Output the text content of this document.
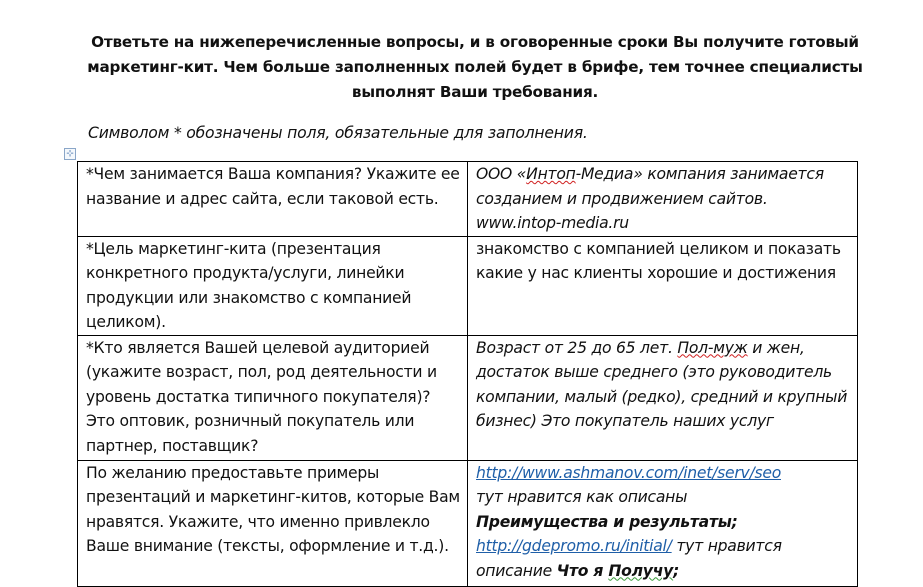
Ответьте на нижеперечисленные вопросы, и в оговоренные сроки Вы получите готовый
маркетинг-кит. Чем больше заполненных полей будет в брифе, тем точнее специалисты
выполнят Ваши требования.
Символом * обозначены поля, обязательные для заполнения.
⊹
*Чем занимается Ваша компания? Укажите ее название и адрес сайта, если таковой есть.	ООО «Интоп-Медиа» компания занимается созданием и продвижением сайтов. www.intop-media.ru
*Цель маркетинг-кита (презентация конкретного продукта/услуги, линейки продукции или знакомство с компанией целиком).	знакомство с компанией целиком и показать какие у нас клиенты хорошие и достижения
*Кто является Вашей целевой аудиторией (укажите возраст, пол, род деятельности и уровень достатка типичного покупателя)? Это оптовик, розничный покупатель или партнер, поставщик?	Возраст от 25 до 65 лет. Пол-муж и жен, достаток выше среднего (это руководитель компании, малый (редко), средний и крупный бизнес) Это покупатель наших услуг
По желанию предоставьте примеры презентаций и маркетинг-китов, которые Вам нравятся. Укажите, что именно привлекло Ваше внимание (тексты, оформление и т.д.).	http://www.ashmanov.com/inet/serv/seo
тут нравится как описаны
Преимущества и результаты;
http://gdepromo.ru/initial/ тут нравится описание Что я Получу;
